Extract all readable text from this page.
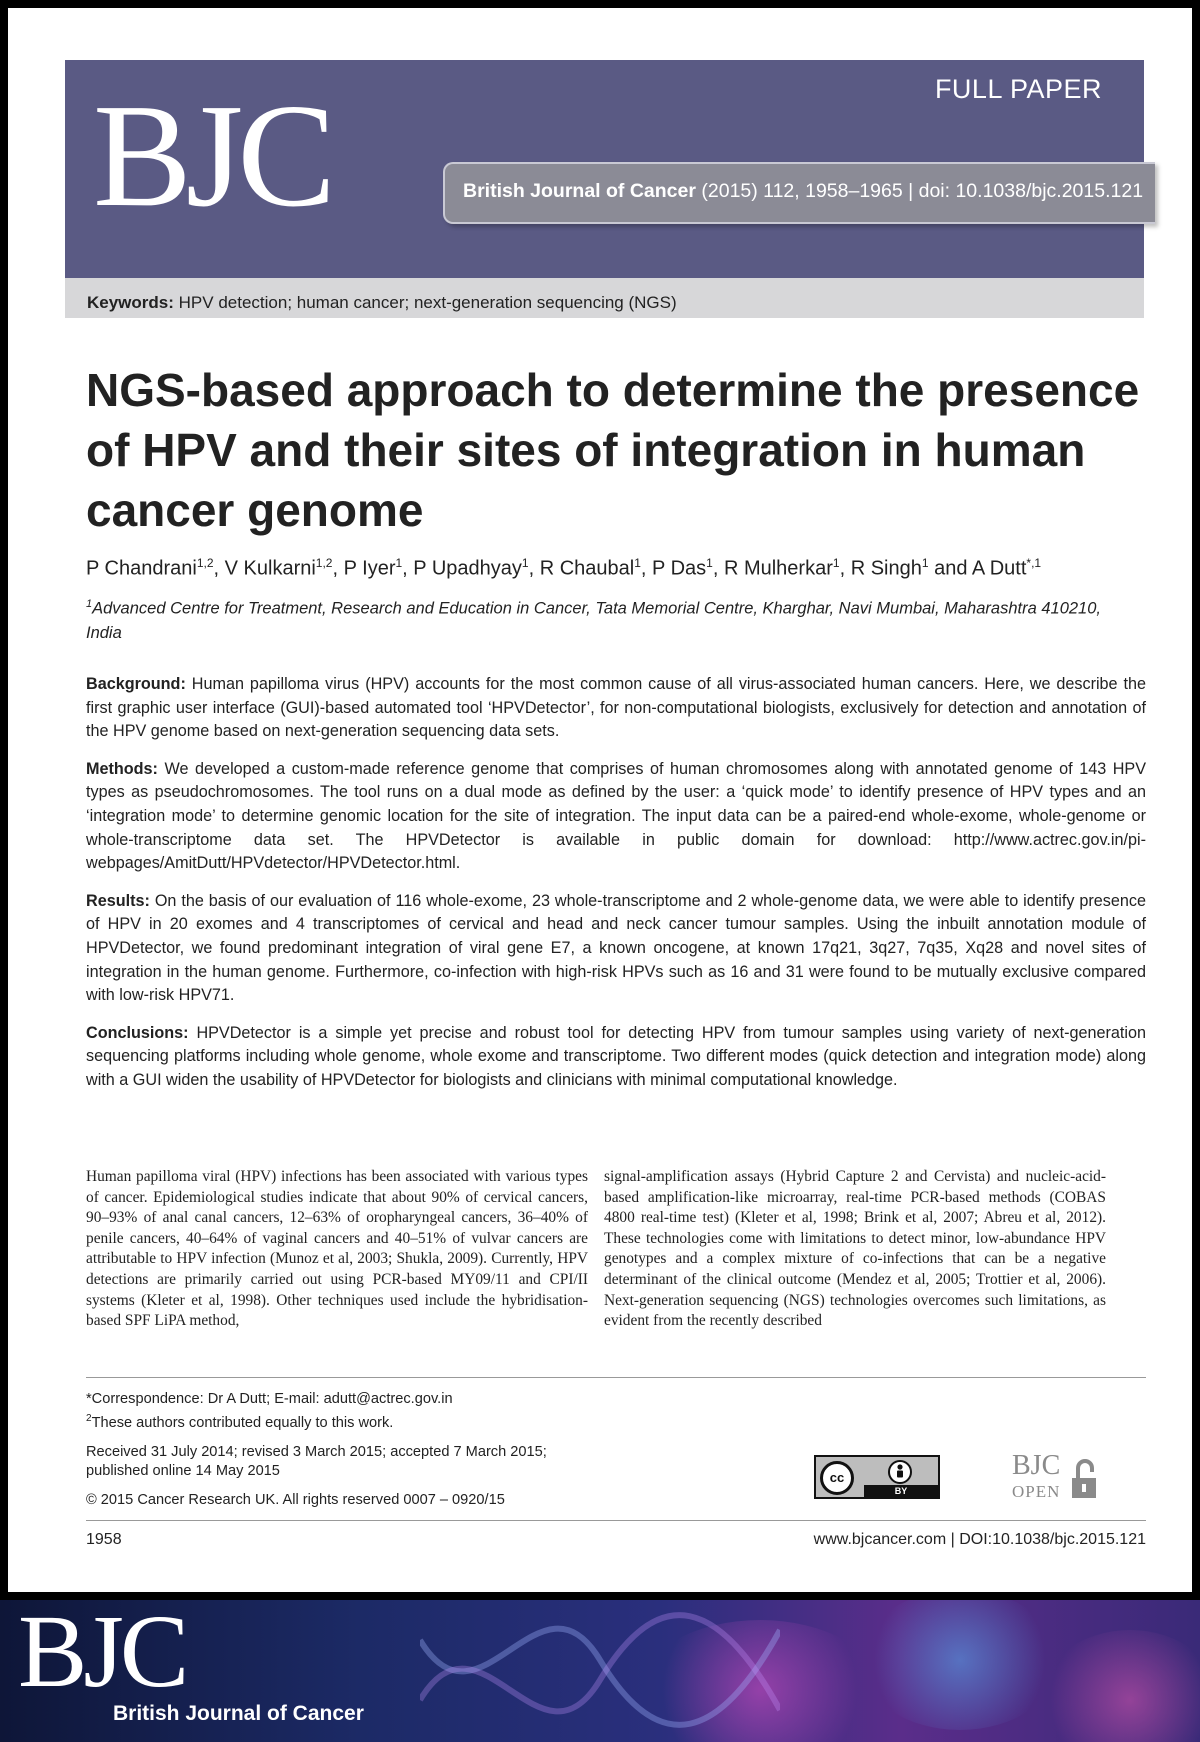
BJC	FULL PAPER
British Journal of Cancer (2015) 112, 1958–1965 | doi: 10.1038/bjc.2015.121
Keywords: HPV detection; human cancer; next-generation sequencing (NGS)
NGS-based approach to determine the presence of HPV and their sites of integration in human cancer genome
P Chandrani$^{1,2}$, V Kulkarni$^{1,2}$, P Iyer$^1$, P Upadhyay$^1$, R Chaubal$^1$, P Das$^1$, R Mulherkar$^1$, R Singh$^1$ and A Dutt$^{*,1}$
$^1$Advanced Centre for Treatment, Research and Education in Cancer, Tata Memorial Centre, Kharghar, Navi Mumbai, Maharashtra 410210, India

Background: Human papilloma virus (HPV) accounts for the most common cause of all virus-associated human cancers. Here, we describe the first graphic user interface (GUI)-based automated tool ‘HPVDetector’, for non-computational biologists, exclusively for detection and annotation of the HPV genome based on next-generation sequencing data sets.

Methods: We developed a custom-made reference genome that comprises of human chromosomes along with annotated genome of 143 HPV types as pseudochromosomes. The tool runs on a dual mode as defined by the user: a ‘quick mode’ to identify presence of HPV types and an ‘integration mode’ to determine genomic location for the site of integration. The input data can be a paired-end whole-exome, whole-genome or whole-transcriptome data set. The HPVDetector is available in public domain for download: http://www.actrec.gov.in/pi-webpages/AmitDutt/HPVdetector/HPVDetector.html.

Results: On the basis of our evaluation of 116 whole-exome, 23 whole-transcriptome and 2 whole-genome data, we were able to identify presence of HPV in 20 exomes and 4 transcriptomes of cervical and head and neck cancer tumour samples. Using the inbuilt annotation module of HPVDetector, we found predominant integration of viral gene E7, a known oncogene, at known 17q21, 3q27, 7q35, Xq28 and novel sites of integration in the human genome. Furthermore, co-infection with high-risk HPVs such as 16 and 31 were found to be mutually exclusive compared with low-risk HPV71.

Conclusions: HPVDetector is a simple yet precise and robust tool for detecting HPV from tumour samples using variety of next-generation sequencing platforms including whole genome, whole exome and transcriptome. Two different modes (quick detection and integration mode) along with a GUI widen the usability of HPVDetector for biologists and clinicians with minimal computational knowledge.

Human papilloma viral (HPV) infections has been associated with various types of cancer. Epidemiological studies indicate that about 90% of cervical cancers, 90–93% of anal canal cancers, 12–63% of oropharyngeal cancers, 36–40% of penile cancers, 40–64% of vaginal cancers and 40–51% of vulvar cancers are attributable to HPV infection (Munoz et al, 2003; Shukla, 2009). Currently, HPV detections are primarily carried out using PCR-based MY09/11 and CPI/II systems (Kleter et al, 1998). Other techniques used include the hybridisation-based SPF LiPA method,
signal-amplification assays (Hybrid Capture 2 and Cervista) and nucleic-acid-based amplification-like microarray, real-time PCR-based methods (COBAS 4800 real-time test) (Kleter et al, 1998; Brink et al, 2007; Abreu et al, 2012). These technologies come with limitations to detect minor, low-abundance HPV genotypes and a complex mixture of co-infections that can be a negative determinant of the clinical outcome (Mendez et al, 2005; Trottier et al, 2006). Next-generation sequencing (NGS) technologies overcomes such limitations, as evident from the recently described

*Correspondence: Dr A Dutt; E-mail: adutt@actrec.gov.in

$^2$These authors contributed equally to this work.

Received 31 July 2014; revised 3 March 2015; accepted 7 March 2015;

published online 14 May 2015

© 2015 Cancer Research UK. All rights reserved 0007 – 0920/15

cc
BY
BJC
OPEN
1958	www.bjcancer.com | DOI:10.1038/bjc.2015.121
BJC
British Journal of Cancer
